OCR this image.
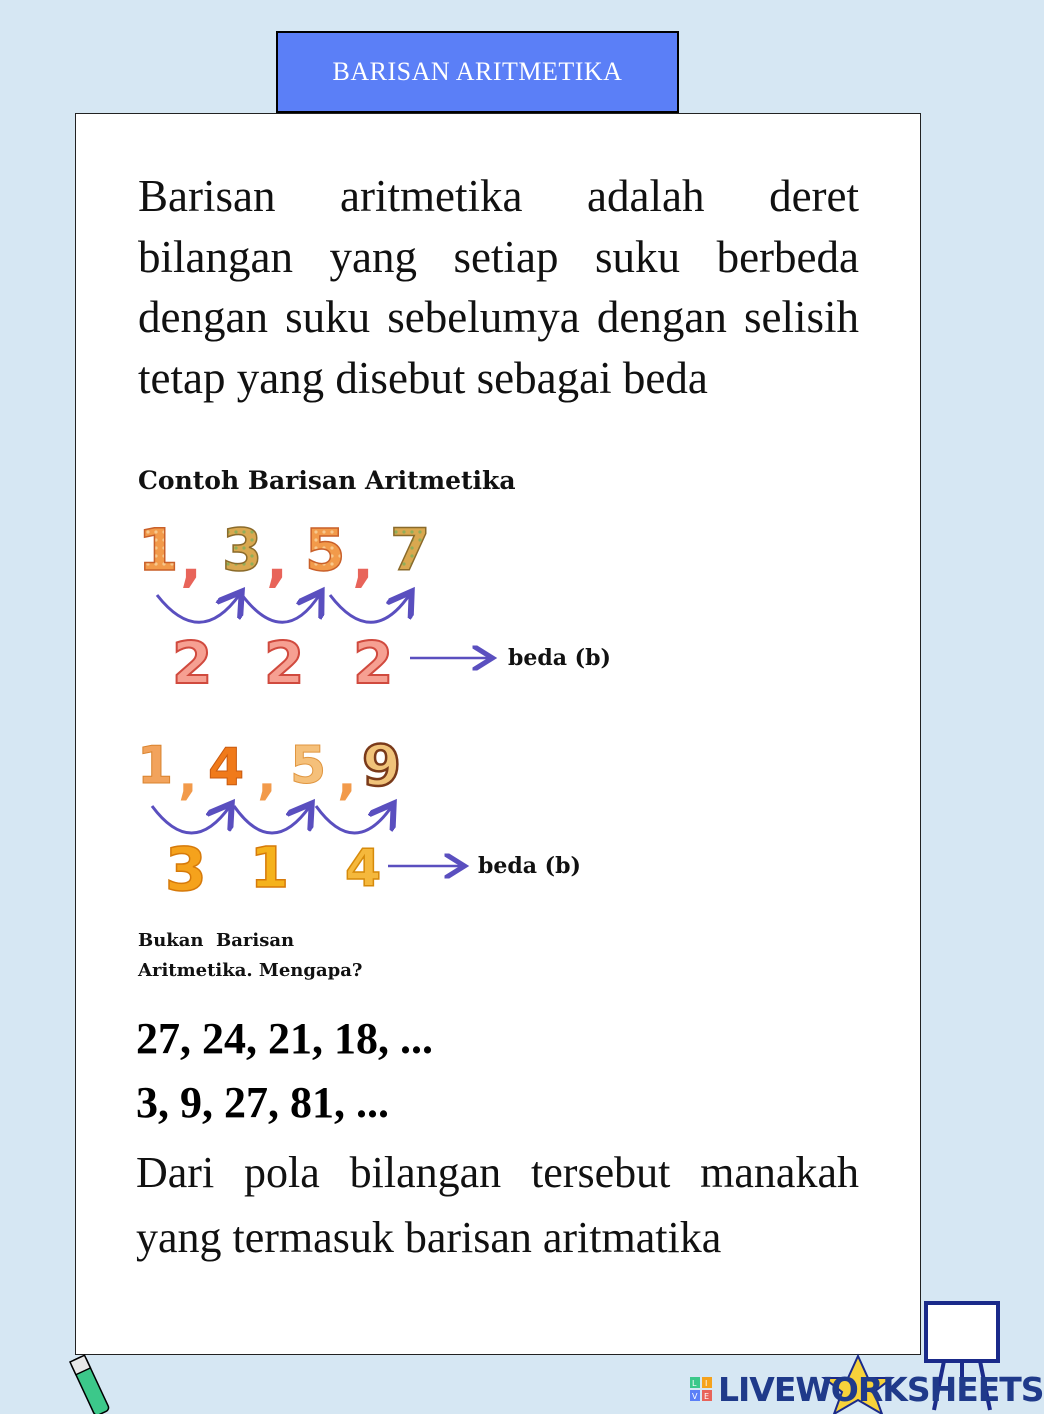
BARISAN ARITMETIKA

Barisan aritmetika adalah deret bilangan yang setiap suku berbeda dengan suku sebelumya dengan selisih tetap yang disebut sebagai beda

Contoh Barisan Aritmetika
1 , 3 , 5 , 7
2 2 2
1 , 4 , 5 , 9
3 1 4
beda (b)
beda (b)
Bukan  Barisan
Aritmetika. Mengapa?
27, 24, 21, 18, ...
3, 9, 27, 81, ...

Dari pola bilangan tersebut manakah yang termasuk barisan aritmatika

L I
V E LIVEWORKSHEETS
